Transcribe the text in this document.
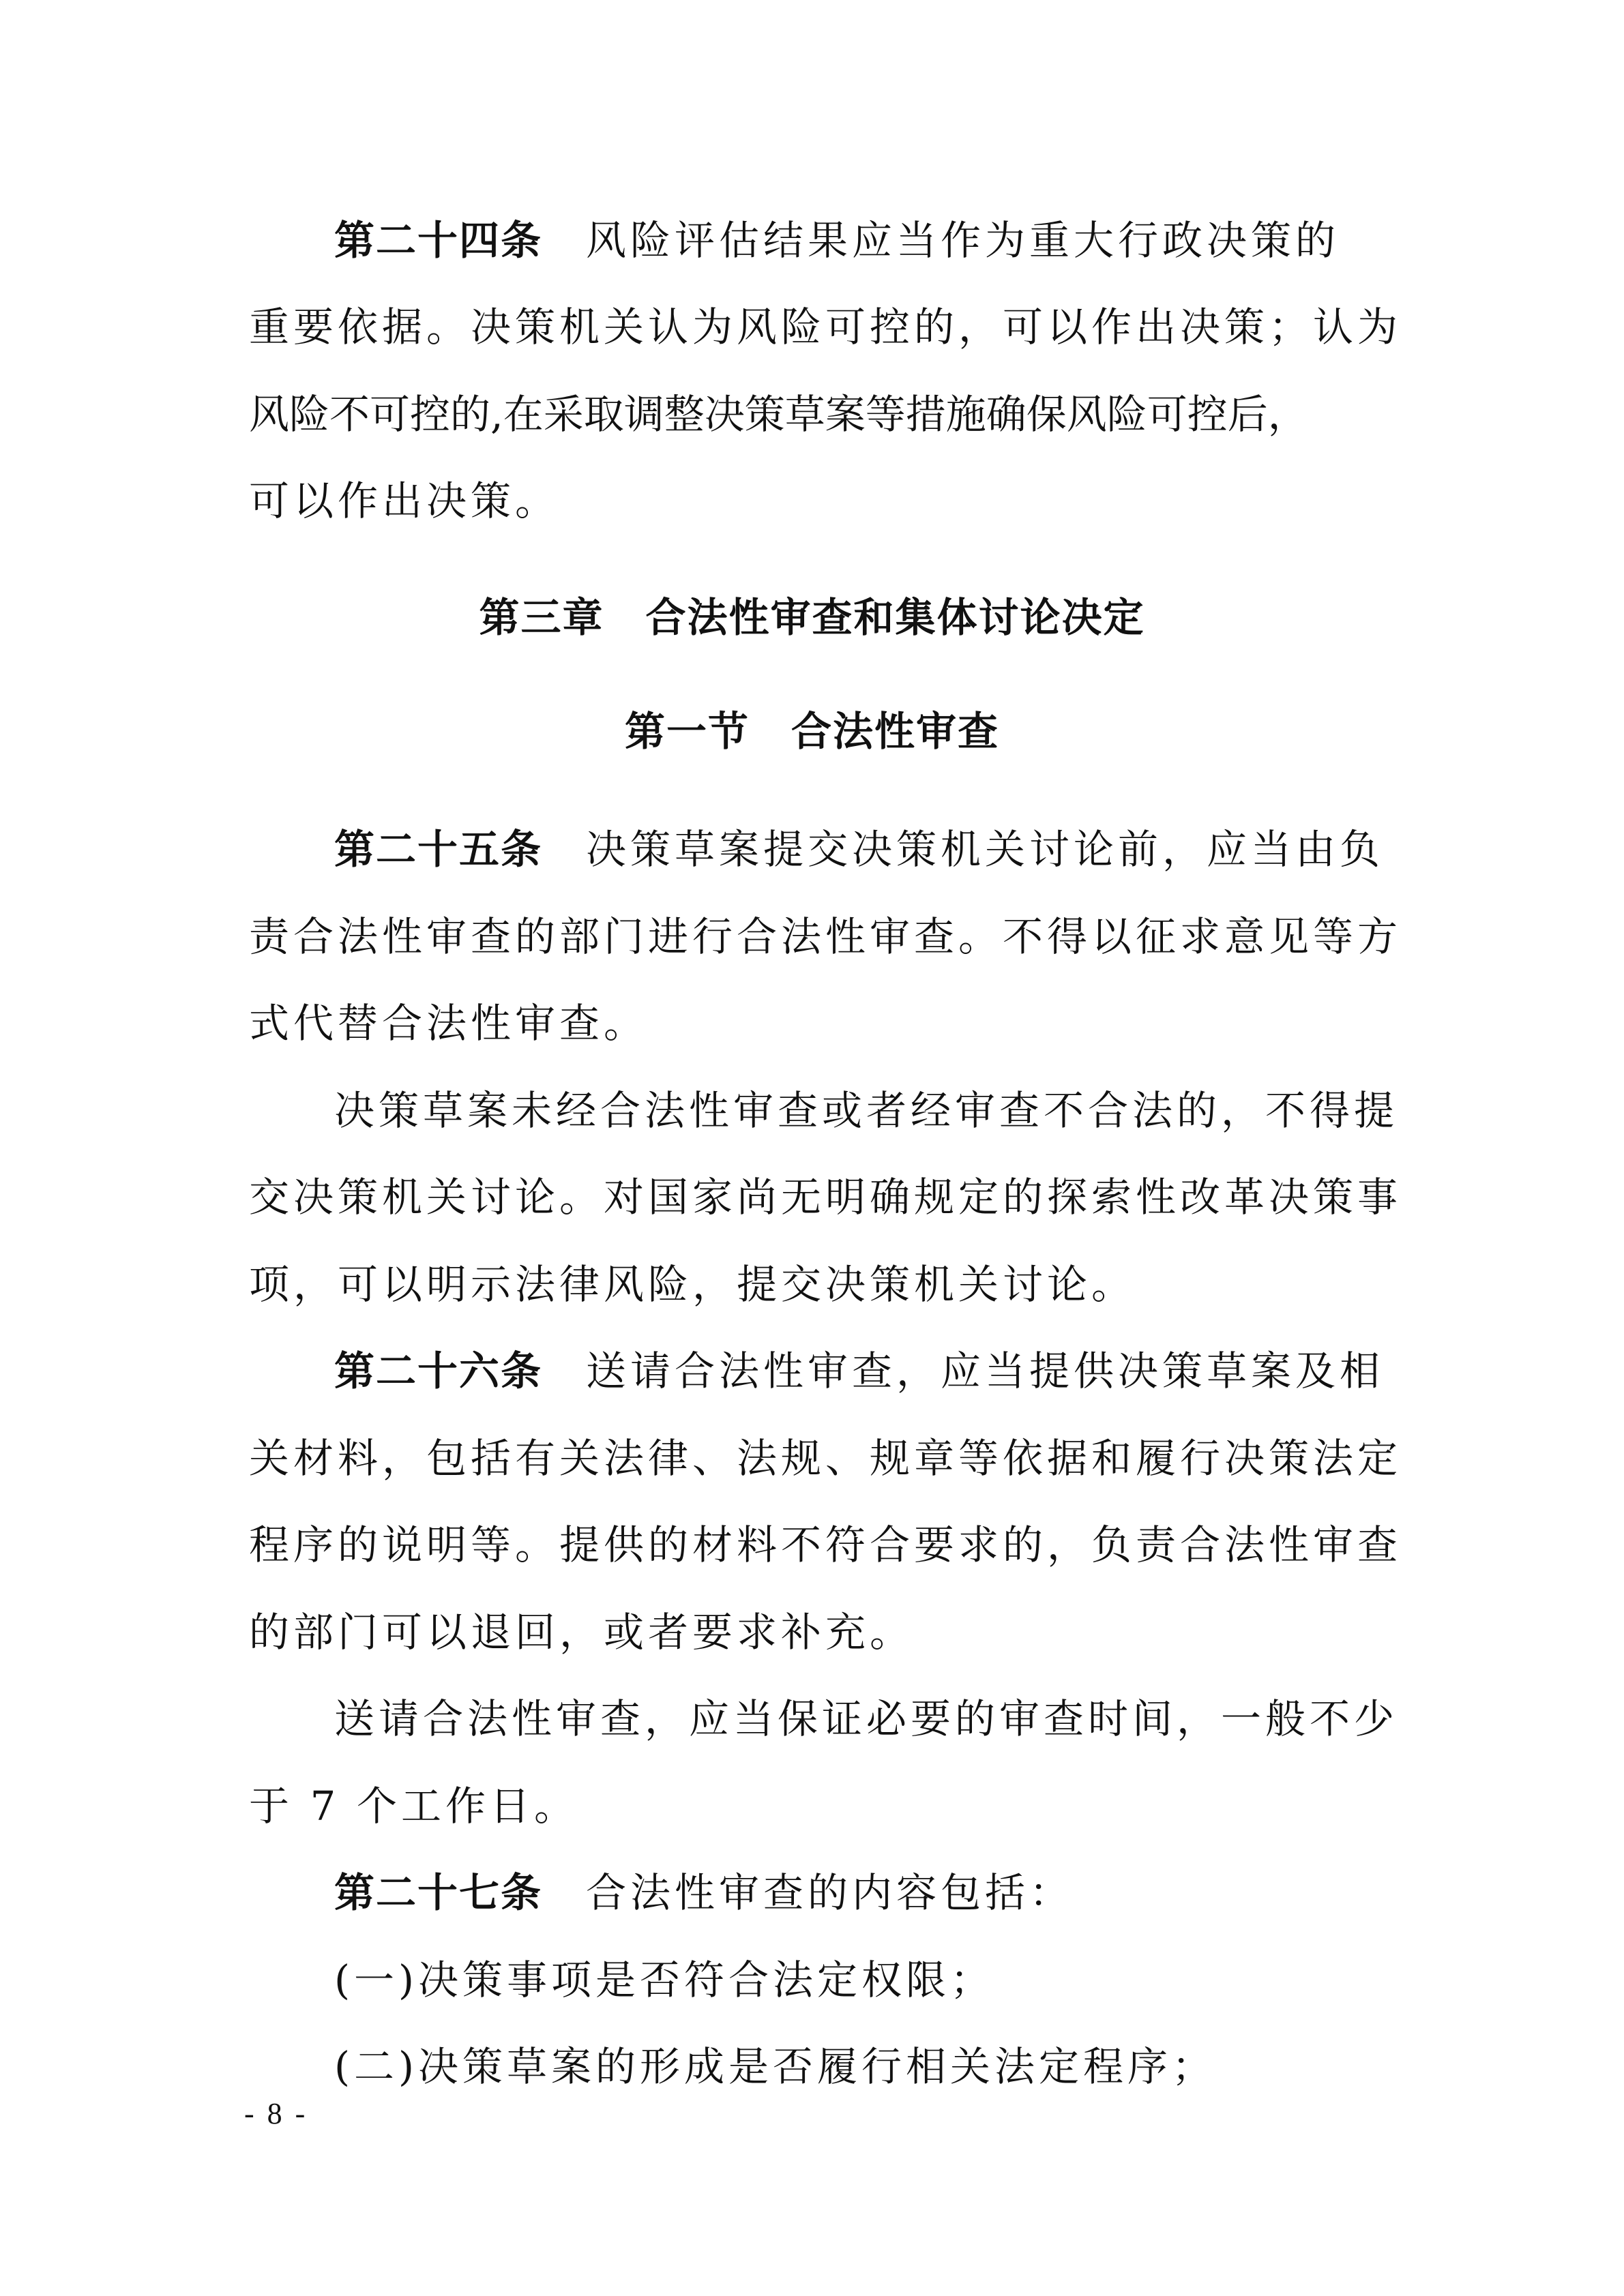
第二十四条 风险评估结果应当作为重大行政决策的
重要依据。决策机关认为风险可控的，可以作出决策；认为
风险不可控的,在采取调整决策草案等措施确保风险可控后，
可以作出决策。
第三章　合法性审查和集体讨论决定
第一节　合法性审查
第二十五条 决策草案提交决策机关讨论前，应当由负
责合法性审查的部门进行合法性审查。不得以征求意见等方
式代替合法性审查。
决策草案未经合法性审查或者经审查不合法的，不得提
交决策机关讨论。对国家尚无明确规定的探索性改革决策事
项，可以明示法律风险，提交决策机关讨论。
第二十六条 送请合法性审查，应当提供决策草案及相
关材料，包括有关法律、法规、规章等依据和履行决策法定
程序的说明等。提供的材料不符合要求的，负责合法性审查
的部门可以退回，或者要求补充。
送请合法性审查，应当保证必要的审查时间，一般不少
于 7 个工作日。
第二十七条 合法性审查的内容包括：
(一)决策事项是否符合法定权限；
(二)决策草案的形成是否履行相关法定程序；
- 8 -
